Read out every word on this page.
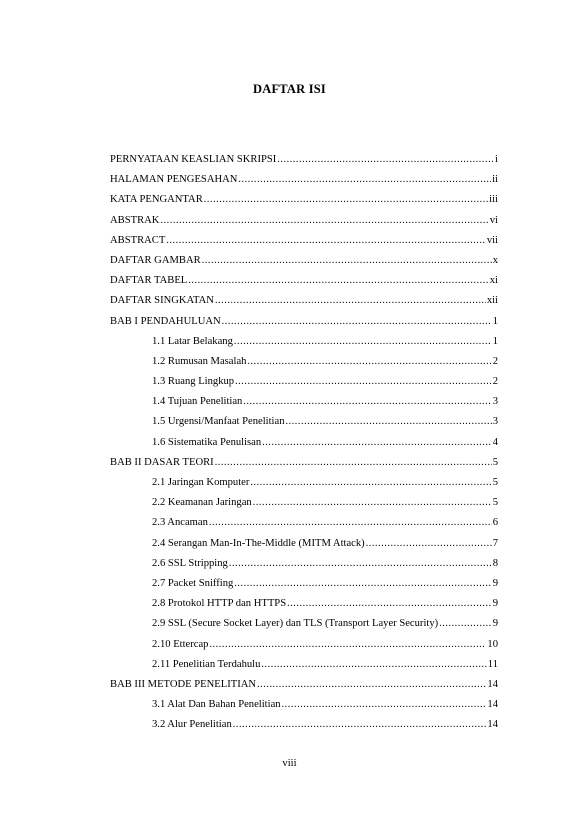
DAFTAR ISI
PERNYATAAN KEASLIAN SKRIPSI .....	i
HALAMAN PENGESAHAN .....	ii
KATA PENGANTAR .....	iii
ABSTRAK .....	vi
ABSTRACT .....	vii
DAFTAR GAMBAR .....	x
DAFTAR TABEL .....	xi
DAFTAR SINGKATAN .....	xii
BAB I PENDAHULUAN .....	1
1.1 Latar Belakang .....	1
1.2 Rumusan Masalah .....	2
1.3 Ruang Lingkup .....	2
1.4 Tujuan Penelitian .....	3
1.5 Urgensi/Manfaat Penelitian .....	3
1.6 Sistematika Penulisan .....	4
BAB II DASAR TEORI .....	5
2.1 Jaringan Komputer .....	5
2.2 Keamanan Jaringan .....	5
2.3 Ancaman .....	6
2.4 Serangan Man-In-The-Middle (MITM Attack) .....	7
2.6 SSL Stripping .....	8
2.7 Packet Sniffing .....	9
2.8 Protokol HTTP dan HTTPS .....	9
2.9 SSL (Secure Socket Layer) dan TLS (Transport Layer Security) .....	9
2.10 Ettercap .....	10
2.11 Penelitian Terdahulu .....	11
BAB III METODE PENELITIAN .....	14
3.1 Alat Dan Bahan Penelitian .....	14
3.2 Alur Penelitian .....	14
viii
